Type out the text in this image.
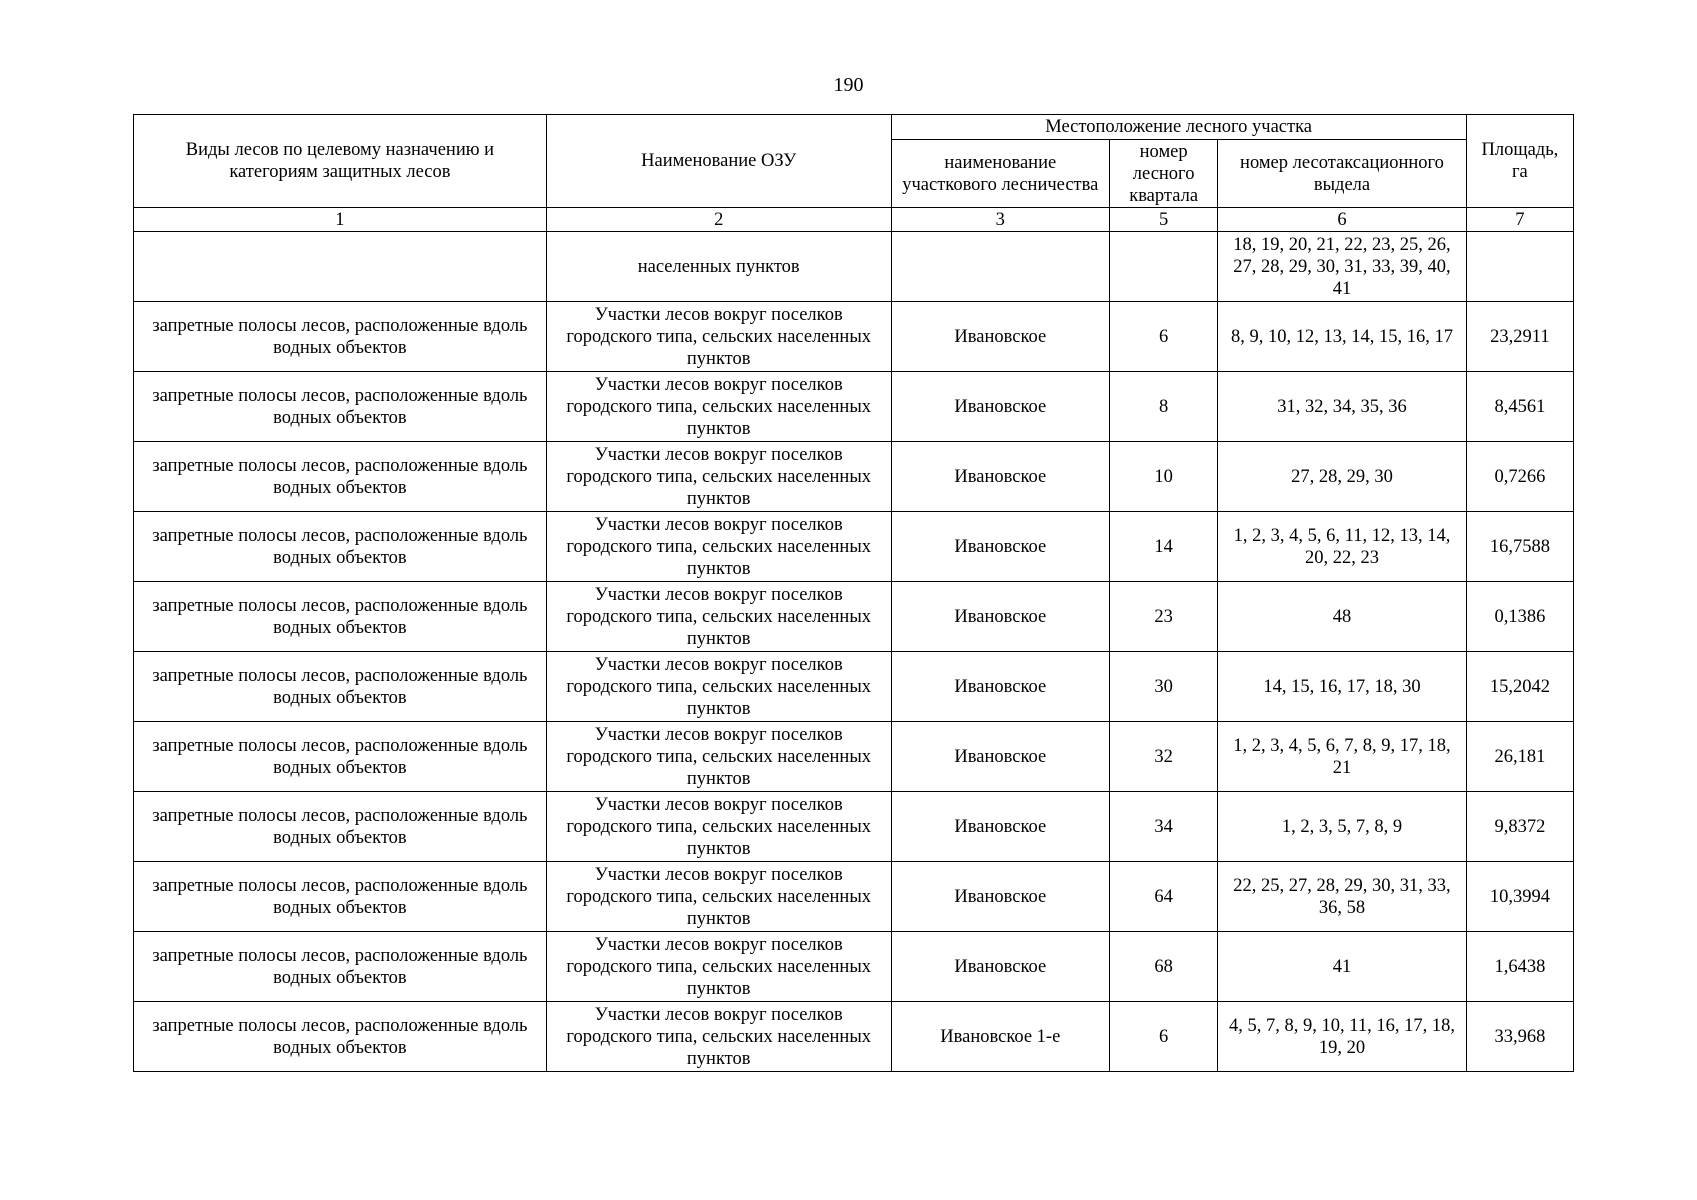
190
Виды лесов по целевому назначению и категориям защитных лесов	Наименование ОЗУ	Местоположение лесного участка			Площадь, га
		наименование участкового лесничества	номер лесного квартала	номер лесотаксационного выдела	
1	2	3	5	6	7
	населенных пунктов			18, 19, 20, 21, 22, 23, 25, 26, 27, 28, 29, 30, 31, 33, 39, 40, 41	
запретные полосы лесов, расположенные вдоль водных объектов	Участки лесов вокруг поселков городского типа, сельских населенных пунктов	Ивановское	6	8, 9, 10, 12, 13, 14, 15, 16, 17	23,2911
запретные полосы лесов, расположенные вдоль водных объектов	Участки лесов вокруг поселков городского типа, сельских населенных пунктов	Ивановское	8	31, 32, 34, 35, 36	8,4561
запретные полосы лесов, расположенные вдоль водных объектов	Участки лесов вокруг поселков городского типа, сельских населенных пунктов	Ивановское	10	27, 28, 29, 30	0,7266
запретные полосы лесов, расположенные вдоль водных объектов	Участки лесов вокруг поселков городского типа, сельских населенных пунктов	Ивановское	14	1, 2, 3, 4, 5, 6, 11, 12, 13, 14, 20, 22, 23	16,7588
запретные полосы лесов, расположенные вдоль водных объектов	Участки лесов вокруг поселков городского типа, сельских населенных пунктов	Ивановское	23	48	0,1386
запретные полосы лесов, расположенные вдоль водных объектов	Участки лесов вокруг поселков городского типа, сельских населенных пунктов	Ивановское	30	14, 15, 16, 17, 18, 30	15,2042
запретные полосы лесов, расположенные вдоль водных объектов	Участки лесов вокруг поселков городского типа, сельских населенных пунктов	Ивановское	32	1, 2, 3, 4, 5, 6, 7, 8, 9, 17, 18, 21	26,181
запретные полосы лесов, расположенные вдоль водных объектов	Участки лесов вокруг поселков городского типа, сельских населенных пунктов	Ивановское	34	1, 2, 3, 5, 7, 8, 9	9,8372
запретные полосы лесов, расположенные вдоль водных объектов	Участки лесов вокруг поселков городского типа, сельских населенных пунктов	Ивановское	64	22, 25, 27, 28, 29, 30, 31, 33, 36, 58	10,3994
запретные полосы лесов, расположенные вдоль водных объектов	Участки лесов вокруг поселков городского типа, сельских населенных пунктов	Ивановское	68	41	1,6438
запретные полосы лесов, расположенные вдоль водных объектов	Участки лесов вокруг поселков городского типа, сельских населенных пунктов	Ивановское 1-е	6	4, 5, 7, 8, 9, 10, 11, 16, 17, 18, 19, 20	33,968
